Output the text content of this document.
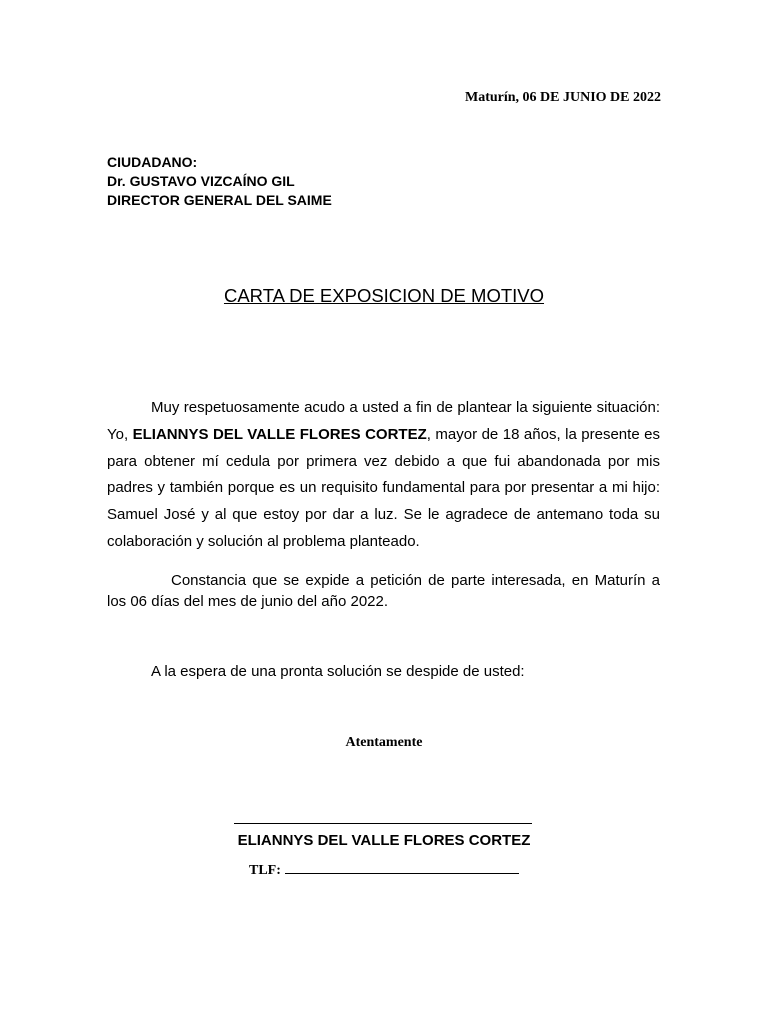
Maturín, 06 DE JUNIO DE 2022
CIUDADANO:
Dr. GUSTAVO VIZCAÍNO GIL
DIRECTOR GENERAL DEL SAIME
CARTA DE EXPOSICION DE MOTIVO
Muy respetuosamente acudo a usted a fin de plantear la siguiente situación: Yo, ELIANNYS DEL VALLE FLORES CORTEZ, mayor de 18 años, la presente es para obtener mí cedula por primera vez debido a que fui abandonada por mis padres y también porque es un requisito fundamental para por presentar a mi hijo: Samuel José y al que estoy por dar a luz. Se le agradece de antemano toda su colaboración y solución al problema planteado.
Constancia que se expide a petición de parte interesada, en Maturín a los 06 días del mes de junio del año 2022.
A la espera de una pronta solución se despide de usted:
Atentamente
ELIANNYS DEL VALLE FLORES CORTEZ
TLF:
